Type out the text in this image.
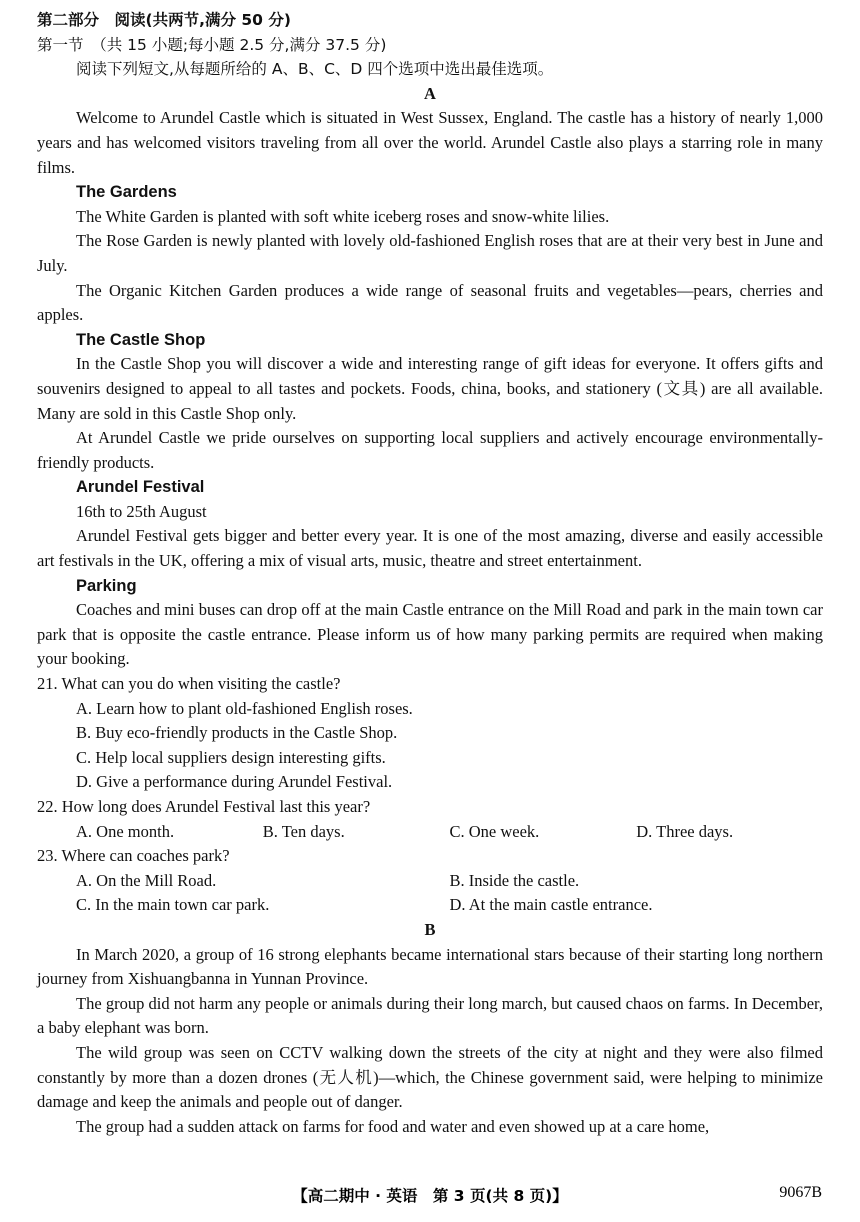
第二部分　阅读(共两节,满分 50 分)
第一节　（共 15 小题;每小题 2.5 分,满分 37.5 分)
阅读下列短文,从每题所给的 A、B、C、D 四个选项中选出最佳选项。
A
Welcome to Arundel Castle which is situated in West Sussex, England. The castle has a history of nearly 1,000 years and has welcomed visitors traveling from all over the world. Arundel Castle also plays a starring role in many films.
The Gardens
The White Garden is planted with soft white iceberg roses and snow-white lilies.
The Rose Garden is newly planted with lovely old-fashioned English roses that are at their very best in June and July.
The Organic Kitchen Garden produces a wide range of seasonal fruits and vegetables—pears, cherries and apples.
The Castle Shop
In the Castle Shop you will discover a wide and interesting range of gift ideas for everyone. It offers gifts and souvenirs designed to appeal to all tastes and pockets. Foods, china, books, and stationery (文具) are all available. Many are sold in this Castle Shop only.
At Arundel Castle we pride ourselves on supporting local suppliers and actively encourage environmentally-friendly products.
Arundel Festival
16th to 25th August
Arundel Festival gets bigger and better every year. It is one of the most amazing, diverse and easily accessible art festivals in the UK, offering a mix of visual arts, music, theatre and street entertainment.
Parking
Coaches and mini buses can drop off at the main Castle entrance on the Mill Road and park in the main town car park that is opposite the castle entrance. Please inform us of how many parking permits are required when making your booking.
21. What can you do when visiting the castle?
A. Learn how to plant old-fashioned English roses.
B. Buy eco-friendly products in the Castle Shop.
C. Help local suppliers design interesting gifts.
D. Give a performance during Arundel Festival.
22. How long does Arundel Festival last this year?
A. One month.	B. Ten days.	C. One week.	D. Three days.
23. Where can coaches park?
A. On the Mill Road.	B. Inside the castle.
C. In the main town car park.	D. At the main castle entrance.
B
In March 2020, a group of 16 strong elephants became international stars because of their starting long northern journey from Xishuangbanna in Yunnan Province.
The group did not harm any people or animals during their long march, but caused chaos on farms. In December, a baby elephant was born.
The wild group was seen on CCTV walking down the streets of the city at night and they were also filmed constantly by more than a dozen drones (无人机)—which, the Chinese government said, were helping to minimize damage and keep the animals and people out of danger.
The group had a sudden attack on farms for food and water and even showed up at a care home,
【高二期中 · 英语　第 3 页(共 8 页)】	9067B
